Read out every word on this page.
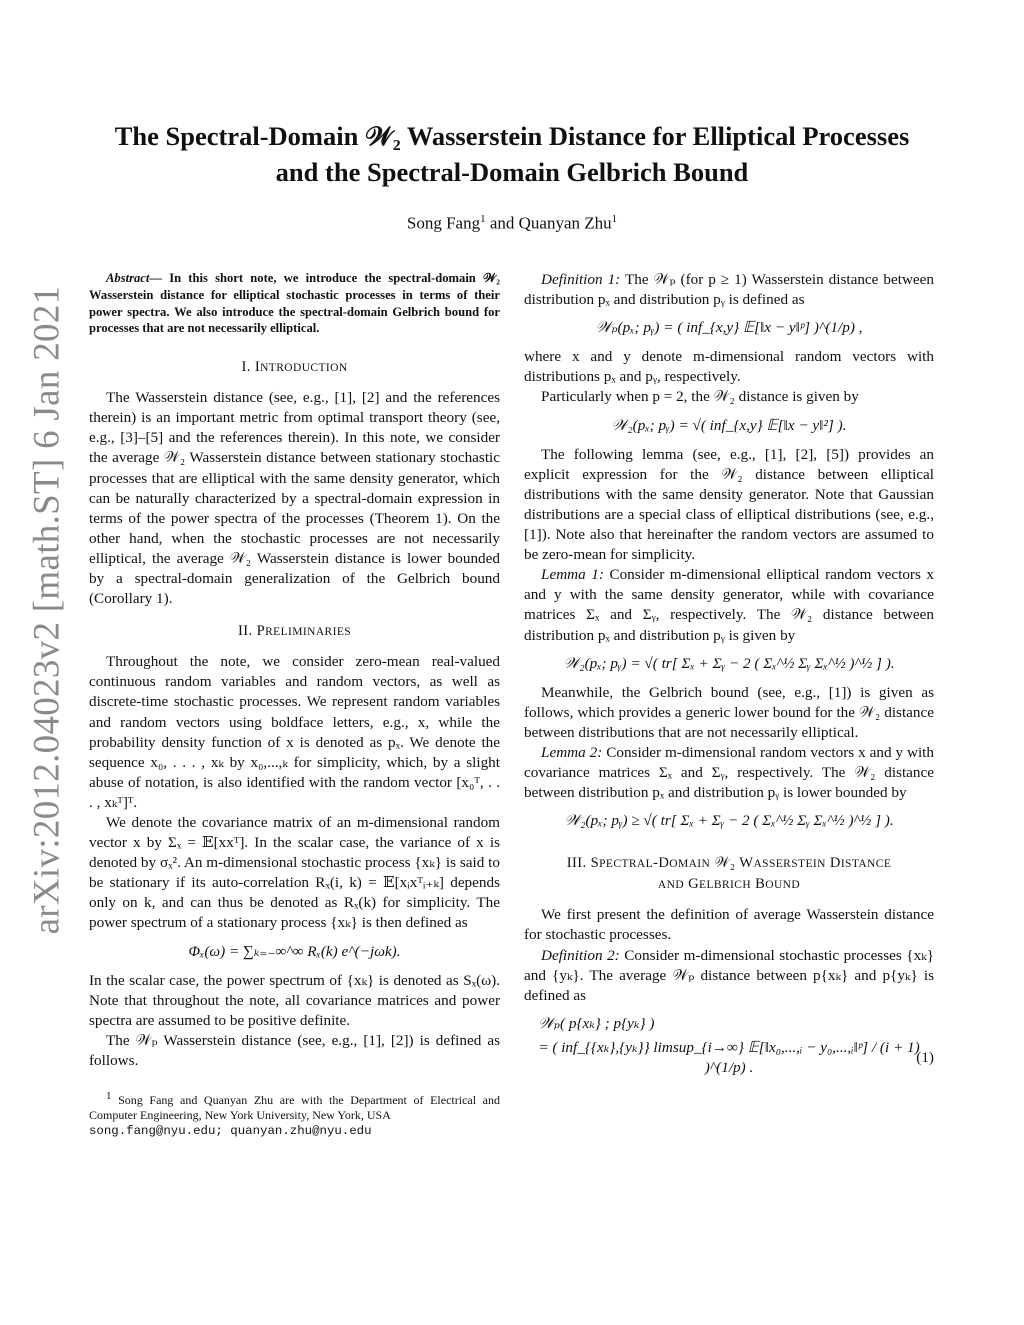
arXiv:2012.04023v2 [math.ST] 6 Jan 2021
The Spectral-Domain 𝒲₂ Wasserstein Distance for Elliptical Processes
and the Spectral-Domain Gelbrich Bound
Song Fang$^1$ and Quanyan Zhu$^1$

Abstract— In this short note, we introduce the spectral-domain 𝒲₂ Wasserstein distance for elliptical stochastic processes in terms of their power spectra. We also introduce the spectral-domain Gelbrich bound for processes that are not necessarily elliptical.

I. INTRODUCTION

The Wasserstein distance (see, e.g., [1], [2] and the references therein) is an important metric from optimal transport theory (see, e.g., [3]–[5] and the references therein). In this note, we consider the average 𝒲₂ Wasserstein distance between stationary stochastic processes that are elliptical with the same density generator, which can be naturally characterized by a spectral-domain expression in terms of the power spectra of the processes (Theorem 1). On the other hand, when the stochastic processes are not necessarily elliptical, the average 𝒲₂ Wasserstein distance is lower bounded by a spectral-domain generalization of the Gelbrich bound (Corollary 1).

II. PRELIMINARIES

Throughout the note, we consider zero-mean real-valued continuous random variables and random vectors, as well as discrete-time stochastic processes. We represent random variables and random vectors using boldface letters, e.g., x, while the probability density function of x is denoted as pₓ. We denote the sequence x₀, . . . , xₖ by x₀,...,ₖ for simplicity, which, by a slight abuse of notation, is also identified with the random vector [x₀ᵀ, . . . , xₖᵀ]ᵀ.

We denote the covariance matrix of an m-dimensional random vector x by Σₓ = 𝔼[xxᵀ]. In the scalar case, the variance of x is denoted by σₓ². An m-dimensional stochastic process {xₖ} is said to be stationary if its auto-correlation Rₓ(i, k) = 𝔼[xᵢxᵀᵢ₊ₖ] depends only on k, and can thus be denoted as Rₓ(k) for simplicity. The power spectrum of a stationary process {xₖ} is then defined as

Φₓ(ω) = ∑ₖ₌₋∞^∞ Rₓ(k) e^(−jωk).

In the scalar case, the power spectrum of {xₖ} is denoted as Sₓ(ω). Note that throughout the note, all covariance matrices and power spectra are assumed to be positive definite.

The 𝒲ₚ Wasserstein distance (see, e.g., [1], [2]) is defined as follows.

$^1$ Song Fang and Quanyan Zhu are with the Department of Electrical and Computer Engineering, New York University, New York, USA
song.fang@nyu.edu; quanyan.zhu@nyu.edu

Definition 1: The 𝒲ₚ (for p ≥ 1) Wasserstein distance between distribution pₓ and distribution pᵧ is defined as

𝒲ₚ(pₓ; pᵧ) = ( inf_{x,y} 𝔼[‖x − y‖ᵖ] )^(1/p) ,

where x and y denote m-dimensional random vectors with distributions pₓ and pᵧ, respectively.

Particularly when p = 2, the 𝒲₂ distance is given by

𝒲₂(pₓ; pᵧ) = √( inf_{x,y} 𝔼[‖x − y‖²] ).

The following lemma (see, e.g., [1], [2], [5]) provides an explicit expression for the 𝒲₂ distance between elliptical distributions with the same density generator. Note that Gaussian distributions are a special class of elliptical distributions (see, e.g., [1]). Note also that hereinafter the random vectors are assumed to be zero-mean for simplicity.

Lemma 1: Consider m-dimensional elliptical random vectors x and y with the same density generator, while with covariance matrices Σₓ and Σᵧ, respectively. The 𝒲₂ distance between distribution pₓ and distribution pᵧ is given by

𝒲₂(pₓ; pᵧ) = √( tr[ Σₓ + Σᵧ − 2 ( Σₓ^½ Σᵧ Σₓ^½ )^½ ] ).

Meanwhile, the Gelbrich bound (see, e.g., [1]) is given as follows, which provides a generic lower bound for the 𝒲₂ distance between distributions that are not necessarily elliptical.

Lemma 2: Consider m-dimensional random vectors x and y with covariance matrices Σₓ and Σᵧ, respectively. The 𝒲₂ distance between distribution pₓ and distribution pᵧ is lower bounded by

𝒲₂(pₓ; pᵧ) ≥ √( tr[ Σₓ + Σᵧ − 2 ( Σₓ^½ Σᵧ Σₓ^½ )^½ ] ).
III. SPECTRAL-DOMAIN 𝒲₂ WASSERSTEIN DISTANCE
AND GELBRICH BOUND

We first present the definition of average Wasserstein distance for stochastic processes.

Definition 2: Consider m-dimensional stochastic processes {xₖ} and {yₖ}. The average 𝒲ₚ distance between p{xₖ} and p{yₖ} is defined as

𝒲ₚ( p{xₖ} ; p{yₖ} )
= ( inf_{{xₖ},{yₖ}} limsup_{i→∞} 𝔼[‖x₀,...,ᵢ − y₀,...,ᵢ‖ᵖ] / (i + 1) )^(1/p) .
(1)
